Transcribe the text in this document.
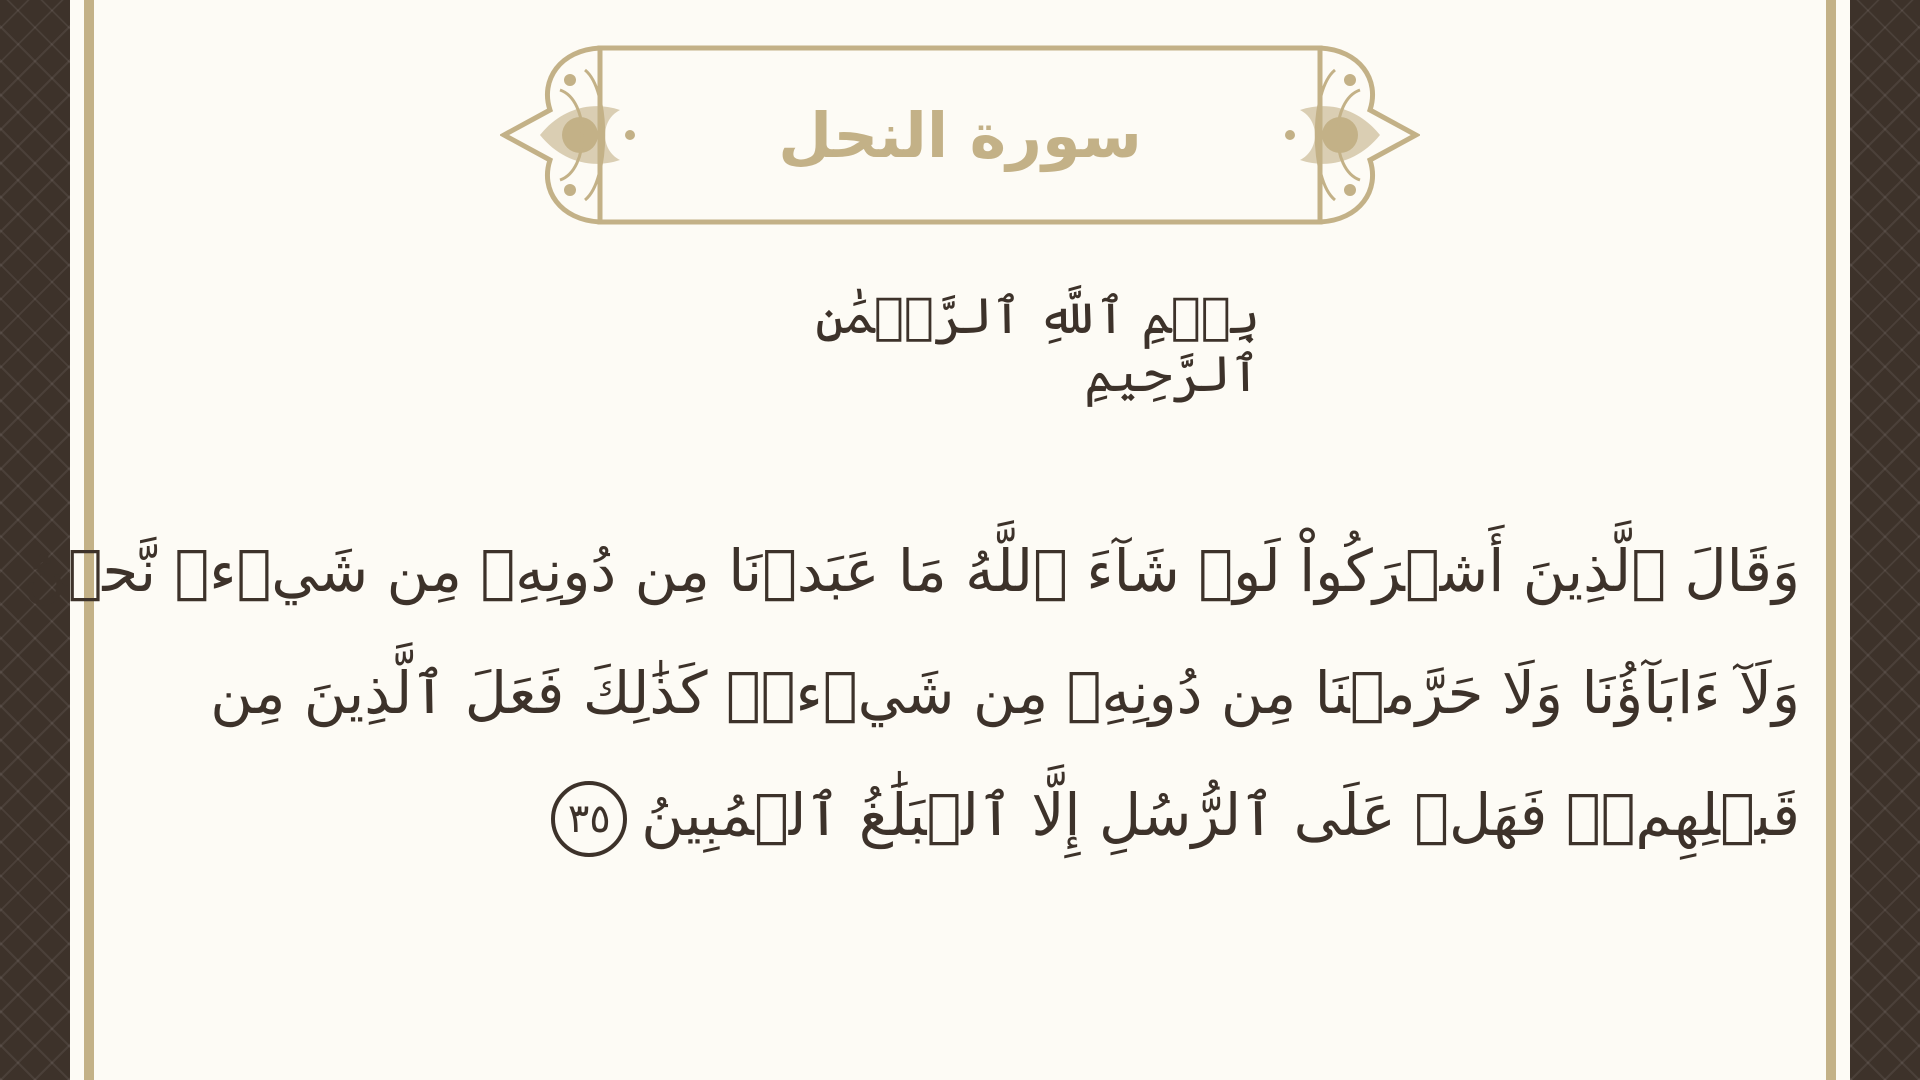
سورة النحل
بِسۡمِ ٱللَّهِ ٱلرَّحۡمَٰنِ ٱلرَّحِيمِ
وَقَالَ ٱلَّذِينَ أَشۡرَكُواْ لَوۡ شَآءَ ٱللَّهُ مَا عَبَدۡنَا مِن دُونِهِۦ مِن شَيۡءٖ نَّحۡنُ
وَلَآ ءَابَآؤُنَا وَلَا حَرَّمۡنَا مِن دُونِهِۦ مِن شَيۡءٖۚ كَذَٰلِكَ فَعَلَ ٱلَّذِينَ مِن
قَبۡلِهِمۡۚ فَهَلۡ عَلَى ٱلرُّسُلِ إِلَّا ٱلۡبَلَٰغُ ٱلۡمُبِينُ٣٥
